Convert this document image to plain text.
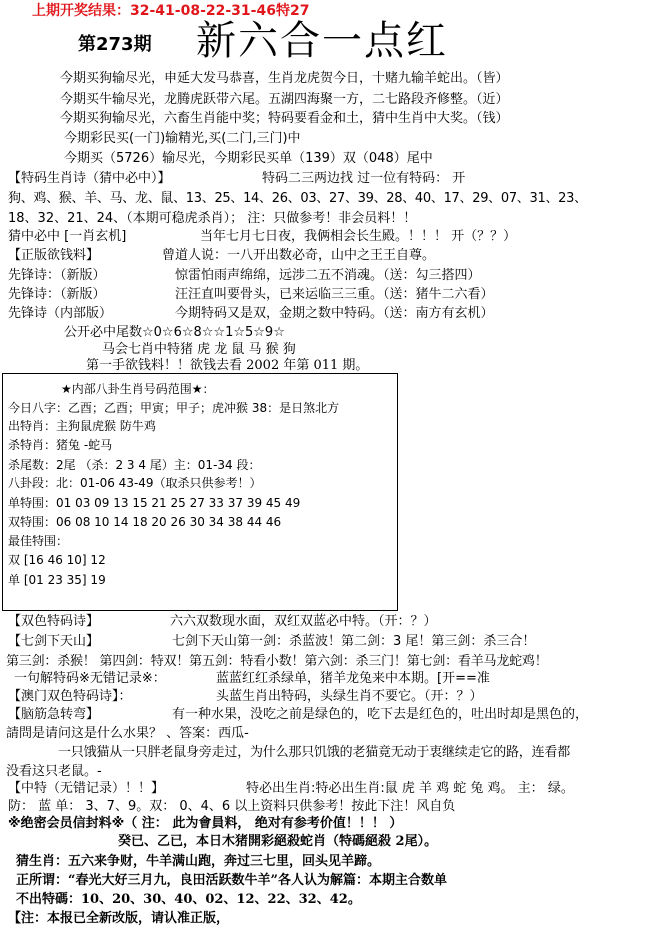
上期开奖结果：32-41-08-22-31-46特27
第273期 新六合一点红
今期买狗输尽光，申延大发马恭喜，生肖龙虎贺今日，十赌九输羊蛇出。（皆）
今期买牛输尽光，龙腾虎跃带六尾。五湖四海聚一方，二七路段齐修整。（近）
今期买狗输尽光，六畜生肖能中奖；特码要看金和土，猜中生肖中大奖。（钱）
今期彩民买(一门)输精光,买(二门,三门)中
今期买（5726）输尽光，今期彩民买单（139）双（048）尾中
【特码生肖诗（猜中必中）】	特码二三两边找 过一位有特码： 开
狗、鸡、猴、羊、马、龙、鼠、13、25、14、26、03、27、39、28、40、17、29、07、31、23、
18、32、21、24、（本期可稳虎杀肖）； 注：只做参考！非会员料！！
猜中必中 [一肖玄机]	当年七月七日夜，我俩相会长生殿。！！！ 开（？？）
【正版欲钱料】	曾道人说：一八开出数必奇，山中之王王自尊。
先锋诗：（新版）	惊雷怕雨声绵绵，远涉二五不消魂。（送：勾三搭四）
先锋诗：（新版）	汪汪直叫要骨头，已来运临三三重。（送：猪牛二六看）
先锋诗（内部版）	今期特码又是双，金期之数中特码。（送：南方有玄机）
公开必中尾数☆0☆6☆8☆☆1☆5☆9☆
马会七肖中特猪 虎 龙 鼠 马 猴 狗
第一手欲钱料！！欲钱去看 2002 年第 011 期。
★内部八卦生肖号码范围★：
今日八字：乙酉；乙酉；甲寅；甲子；虎冲猴 38：是日煞北方
出特肖：主狗鼠虎猴 防牛鸡
杀特肖：猪兔 -蛇马
杀尾数：2尾 （杀：2 3 4 尾）主：01-34 段：
八卦段：北：01-06 43-49（取杀只供参考！）
单特围：01 03 09 13 15 21 25 27 33 37 39 45 49
双特围：06 08 10 14 18 20 26 30 34 38 44 46
最佳特围：
双 [16 46 10] 12
单 [01 23 35] 19
【双色特码诗】	六六双数现水面，双红双蓝必中特。（开：？）
【七剑下天山】	七剑下天山第一剑：杀蓝波！第二剑：3 尾！第三剑：杀三合！
第三剑：杀猴！ 第四剑：特双！第五剑：特看小数！第六剑：杀三门！第七剑：看羊马龙蛇鸡！
一句解特码※无错记录※：	蓝蓝红红杀绿单，猪羊龙兔来中本期。[开==准
【澳门双色特码诗】：	头蓝生肖出特码，头绿生肖不要它。（开：？）
【脑筋急转弯】	有一种水果，没吃之前是绿色的，吃下去是红色的，吐出时却是黑色的，
請問是请问这是什么水果？ 、答案：西瓜-
一只饿猫从一只胖老鼠身旁走过，为什么那只饥饿的老猫竟无动于衷继续走它的路，连看都
没看这只老鼠。-
【中特（无错记录）！！】	特必出生肖:特必出生肖:鼠 虎 羊 鸡 蛇 兔 鸡。 主： 绿。
防： 蓝 单： 3、7、9。双： 0、4、6 以上资料只供参考！按此下注！风自负
※绝密会员信封料※（ 注： 此为會員料， 绝对有参考价值！！！ ）
癸已、乙已，本日木猪開彩絕殺蛇肖（特碼絕殺 2尾）。
猜生肖：五六来争财，牛羊满山跑，奔过三七里，回头见羊蹄。
正所谓：“春光大好三月九，良田活跃数牛羊”各人认为解篇：本期主合数单
不出特碼：10、20、30、40、02、12、22、32、42。
【注：本报已全新改版，请认准正版，
